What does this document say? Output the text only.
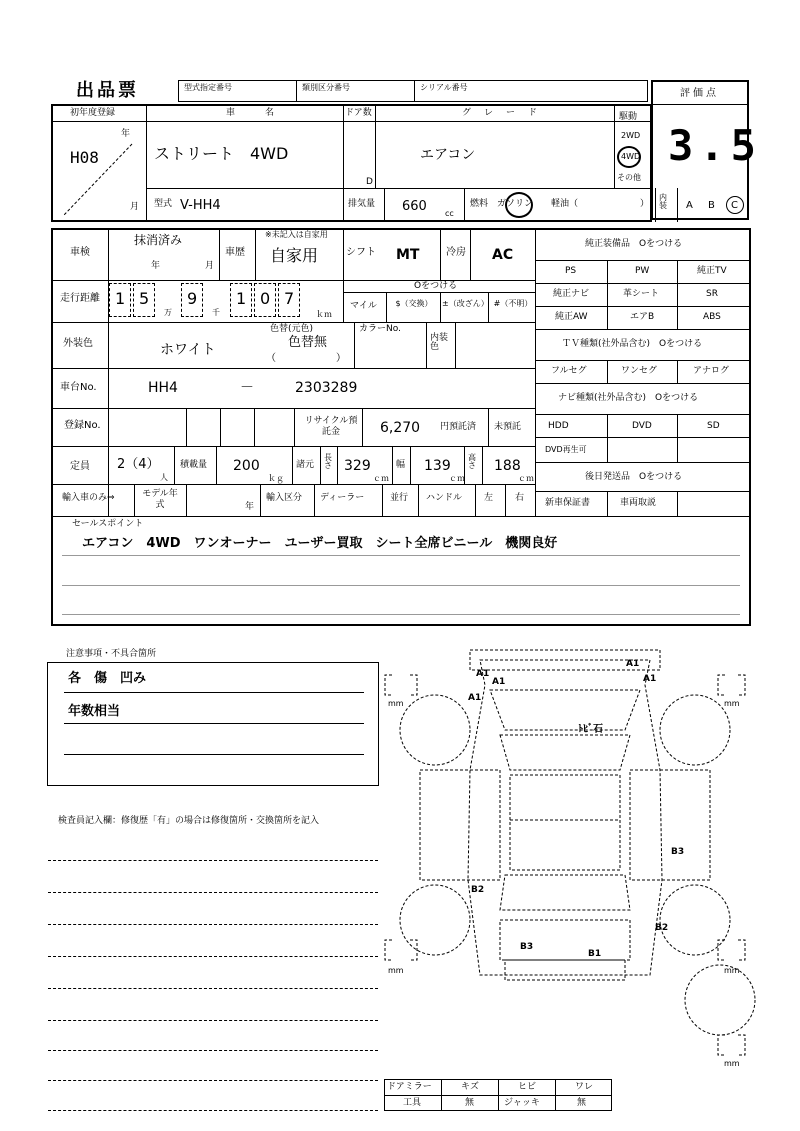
出品票	型式指定番号	類別区分番号	シリアル番号
評価点
3.5
初年度登録
年
月
H08
車　　名
ストリート　4WD
ドア数
D
グ　レ　ー　ド
エアコン
駆動
2WD
4WD
その他
型式 V-HH4	排気量 660 cc
燃料 ガソリン 軽油（	）
内装 A B C
車検
抹消済み
年	月
車歴
※未記入は自家用
自家用	シフト MT	冷房 AC
走行距離 1 5
万
9
千
1 0 7
ｋｍ
Oをつける
マイル	$（交換）	±（改ざん） #（不明）
外装色	ホワイト
色替(元色)
色替無
（　　　　　　）
カラーNo.
内装色
車台No.	HH4	－	2303289
登録No.	リサイクル預託金	6,270 円預託済 未預託
定員 2（4）
人
積載量 200
ｋｇ
諸元
長さ 329
ｃｍ
幅 139
ｃｍ
高さ 188
ｃｍ
輸入車のみ⇒	モデル年式	年
輸入区分 ディーラー	並行 ハンドル 左 右
純正装備品　Oをつける
PS	PW	純正TV
純正ナビ	革シート	SR
純正AW	エアB	ABS
ＴＶ種類(社外品含む)　Oをつける
フルセグ	ワンセグ	アナログ
ナビ種類(社外品含む)　Oをつける
HDD	DVD	SD
DVD再生可
後日発送品　Oをつける
新車保証書	車両取説
セールスポイント
エアコン　4WD　ワンオーナー　ユーザー買取　シート全席ビニール　機関良好
注意事項・不具合箇所
各　傷　凹み
年数相当
検査員記入欄：修復歴「有」の場合は修復箇所・交換箇所を記入
A1
A1
A1	A1
A1
ﾄﾋﾞ石
B3
B2
B2
B3
B1
mm	mm
mm	mm
mm
ドアミラー	キズ	ヒビ	ワレ
工具	無	ジャッキ	無
